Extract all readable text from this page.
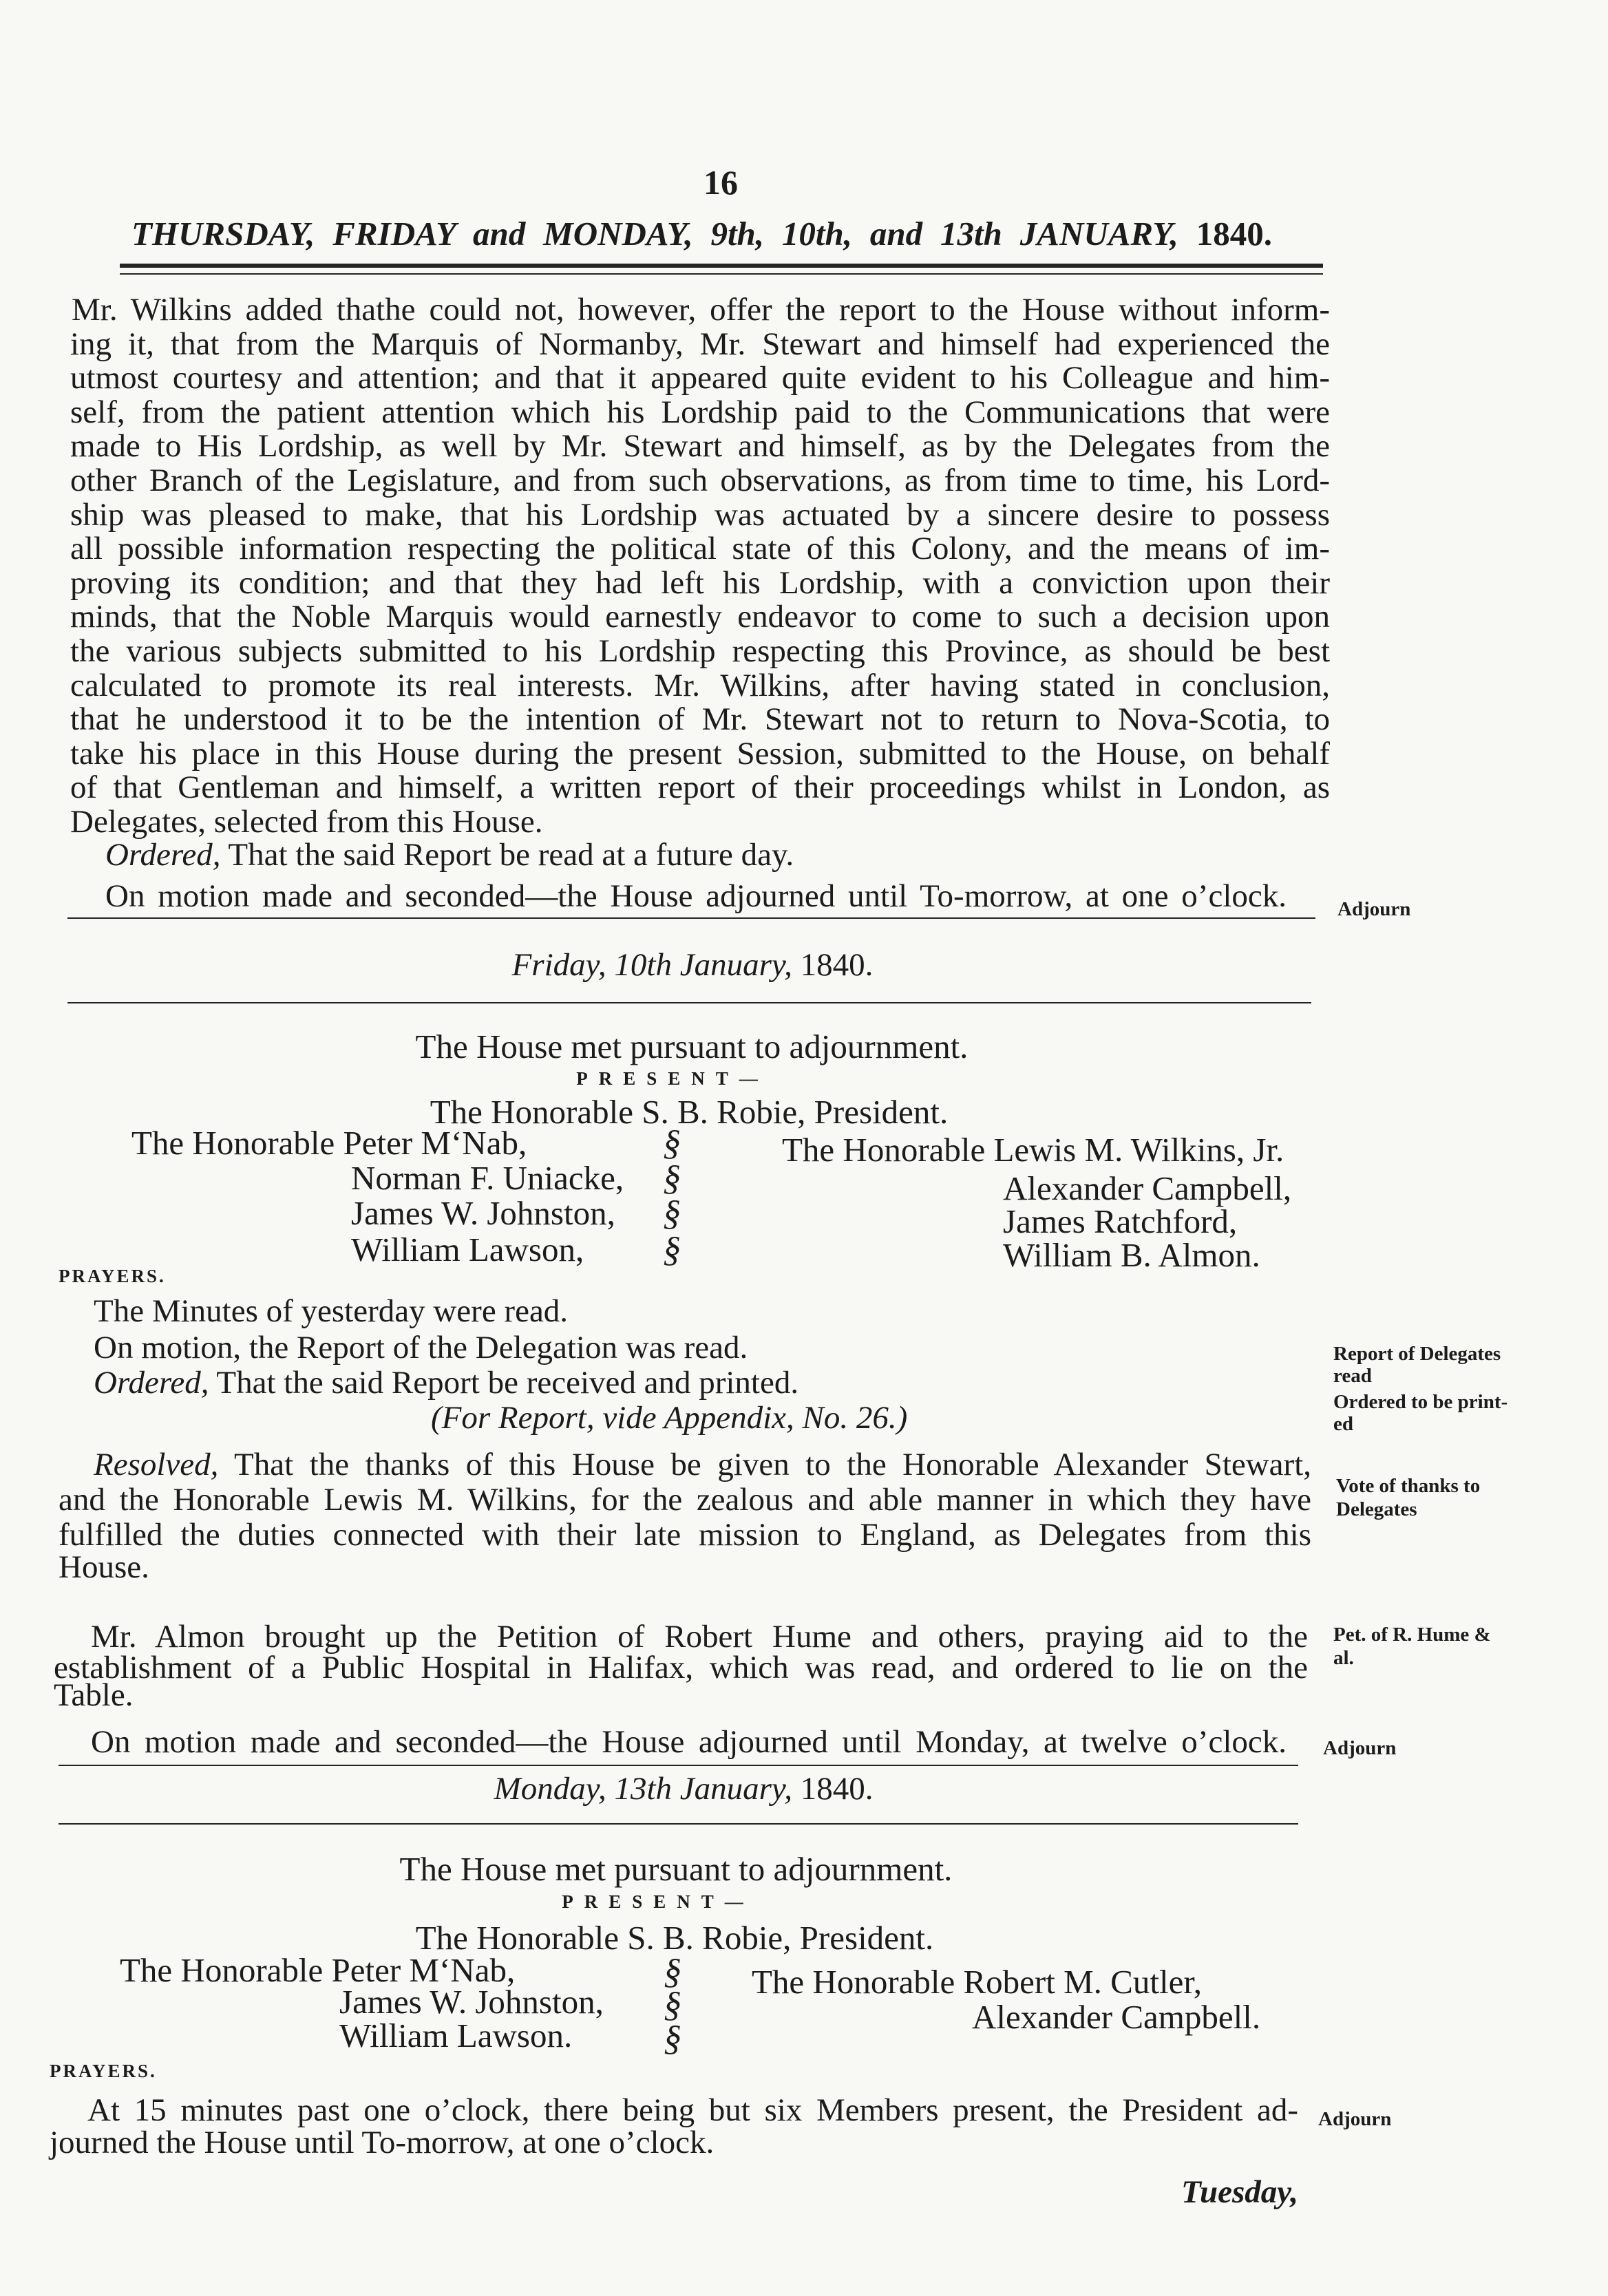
16
THURSDAY, FRIDAY and MONDAY, 9th, 10th, and 13th JANUARY, 1840.
Mr. Wilkins added thathe could not, however, offer the report to the House without inform-
ing it, that from the Marquis of Normanby, Mr. Stewart and himself had experienced the
utmost courtesy and attention; and that it appeared quite evident to his Colleague and him-
self, from the patient attention which his Lordship paid to the Communications that were
made to His Lordship, as well by Mr. Stewart and himself, as by the Delegates from the
other Branch of the Legislature, and from such observations, as from time to time, his Lord-
ship was pleased to make, that his Lordship was actuated by a sincere desire to possess
all possible information respecting the political state of this Colony, and the means of im-
proving its condition; and that they had left his Lordship, with a conviction upon their
minds, that the Noble Marquis would earnestly endeavor to come to such a decision upon
the various subjects submitted to his Lordship respecting this Province, as should be best
calculated to promote its real interests. Mr. Wilkins, after having stated in conclusion,
that he understood it to be the intention of Mr. Stewart not to return to Nova-Scotia, to
take his place in this House during the present Session, submitted to the House, on behalf
of that Gentleman and himself, a written report of their proceedings whilst in London, as
Delegates, selected from this House.
Ordered, That the said Report be read at a future day.
On motion made and seconded—the House adjourned until To-morrow, at one o’clock.	Adjourn
Friday, 10th January, 1840.
The House met pursuant to adjournment.
PRESENT—
The Honorable S. B. Robie, President.
The Honorable Peter M‘Nab,
Norman F. Uniacke,
James W. Johnston,
William Lawson,
§
§
§
§
The Honorable Lewis M. Wilkins, Jr.
Alexander Campbell,
James Ratchford,
William B. Almon.
PRAYERS.
The Minutes of yesterday were read.
On motion, the Report of the Delegation was read.
Ordered, That the said Report be received and printed.
(For Report, vide Appendix, No. 26.)
Report of Delegates
read
Ordered to be print-
ed
Resolved, That the thanks of this House be given to the Honorable Alexander Stewart,
and the Honorable Lewis M. Wilkins, for the zealous and able manner in which they have
fulfilled the duties connected with their late mission to England, as Delegates from this
House.
Vote of thanks to
Delegates
Mr. Almon brought up the Petition of Robert Hume and others, praying aid to the
establishment of a Public Hospital in Halifax, which was read, and ordered to lie on the
Table.
Pet. of R. Hume &
al.
On motion made and seconded—the House adjourned until Monday, at twelve o’clock. Adjourn
Monday, 13th January, 1840.
The House met pursuant to adjournment.
PRESENT—
The Honorable S. B. Robie, President.
The Honorable Peter M‘Nab,
James W. Johnston,
William Lawson.
§
§
§
The Honorable Robert M. Cutler,
Alexander Campbell.
PRAYERS.
At 15 minutes past one o’clock, there being but six Members present, the President ad-
journed the House until To-morrow, at one o’clock.
Adjourn
Tuesday,
